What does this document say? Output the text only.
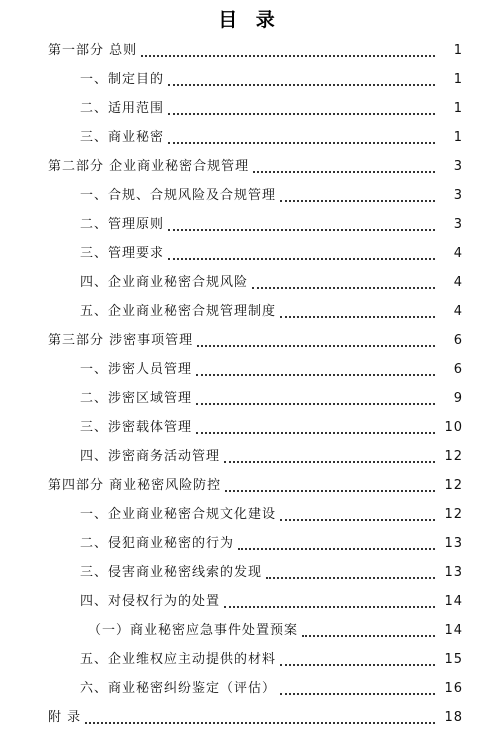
目 录
第一部分 总则	1
一、制定目的	1
二、适用范围	1
三、商业秘密	1
第二部分 企业商业秘密合规管理	3
一、合规、合规风险及合规管理	3
二、管理原则	3
三、管理要求	4
四、企业商业秘密合规风险	4
五、企业商业秘密合规管理制度	4
第三部分 涉密事项管理	6
一、涉密人员管理	6
二、涉密区域管理	9
三、涉密载体管理	10
四、涉密商务活动管理	12
第四部分 商业秘密风险防控	12
一、企业商业秘密合规文化建设	12
二、侵犯商业秘密的行为	13
三、侵害商业秘密线索的发现	13
四、对侵权行为的处置	14
（一）商业秘密应急事件处置预案	14
五、企业维权应主动提供的材料	15
六、商业秘密纠纷鉴定（评估）	16
附 录	18
